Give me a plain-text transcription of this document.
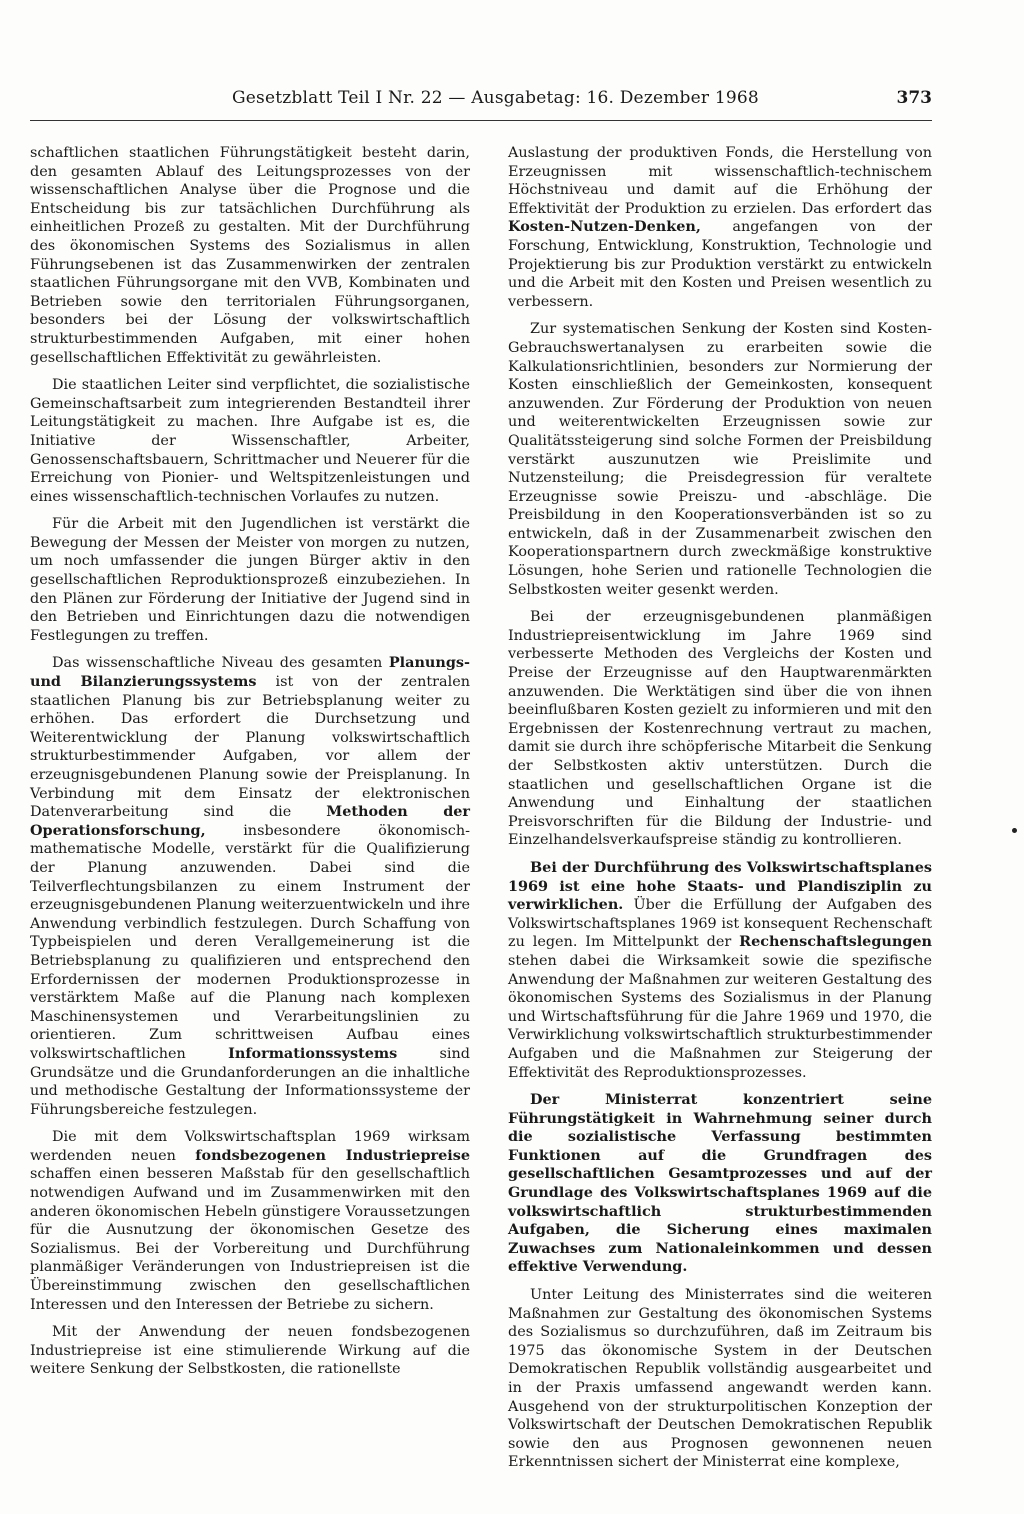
Gesetzblatt Teil I Nr. 22 — Ausgabetag: 16. Dezember 1968	373

schaftlichen staatlichen Führungstätigkeit besteht darin, den gesamten Ablauf des Leitungsprozesses von der wissenschaftlichen Analyse über die Prognose und die Entscheidung bis zur tatsächlichen Durchführung als einheitlichen Prozeß zu gestalten. Mit der Durchführung des ökonomischen Systems des Sozialismus in allen Führungsebenen ist das Zusammenwirken der zentralen staatlichen Führungsorgane mit den VVB, Kombinaten und Betrieben sowie den territorialen Führungsorganen, besonders bei der Lösung der volkswirtschaftlich strukturbestimmenden Aufgaben, mit einer hohen gesellschaftlichen Effektivität zu gewährleisten.

Die staatlichen Leiter sind verpflichtet, die sozialistische Gemeinschaftsarbeit zum integrierenden Bestandteil ihrer Leitungstätigkeit zu machen. Ihre Aufgabe ist es, die Initiative der Wissenschaftler, Arbeiter, Genossenschaftsbauern, Schrittmacher und Neuerer für die Erreichung von Pionier- und Weltspitzenleistungen und eines wissenschaftlich-technischen Vorlaufes zu nutzen.

Für die Arbeit mit den Jugendlichen ist verstärkt die Bewegung der Messen der Meister von morgen zu nutzen, um noch umfassender die jungen Bürger aktiv in den gesellschaftlichen Reproduktionsprozeß einzubeziehen. In den Plänen zur Förderung der Initiative der Jugend sind in den Betrieben und Einrichtungen dazu die notwendigen Festlegungen zu treffen.

Das wissenschaftliche Niveau des gesamten Planungs- und Bilanzierungssystems ist von der zentralen staatlichen Planung bis zur Betriebsplanung weiter zu erhöhen. Das erfordert die Durchsetzung und Weiterentwicklung der Planung volkswirtschaftlich strukturbestimmender Aufgaben, vor allem der erzeugnisgebundenen Planung sowie der Preisplanung. In Verbindung mit dem Einsatz der elektronischen Datenverarbeitung sind die Methoden der Operationsforschung, insbesondere ökonomisch-mathematische Modelle, verstärkt für die Qualifizierung der Planung anzuwenden. Dabei sind die Teilverflechtungsbilanzen zu einem Instrument der erzeugnisgebundenen Planung weiterzuentwickeln und ihre Anwendung verbindlich festzulegen. Durch Schaffung von Typbeispielen und deren Verallgemeinerung ist die Betriebsplanung zu qualifizieren und entsprechend den Erfordernissen der modernen Produktionsprozesse in verstärktem Maße auf die Planung nach komplexen Maschinensystemen und Verarbeitungslinien zu orientieren. Zum schrittweisen Aufbau eines volkswirtschaftlichen Informationssystems sind Grundsätze und die Grundanforderungen an die inhaltliche und methodische Gestaltung der Informationssysteme der Führungsbereiche festzulegen.

Die mit dem Volkswirtschaftsplan 1969 wirksam werdenden neuen fondsbezogenen Industriepreise schaffen einen besseren Maßstab für den gesellschaftlich notwendigen Aufwand und im Zusammenwirken mit den anderen ökonomischen Hebeln günstigere Voraussetzungen für die Ausnutzung der ökonomischen Gesetze des Sozialismus. Bei der Vorbereitung und Durchführung planmäßiger Veränderungen von Industriepreisen ist die Übereinstimmung zwischen den gesellschaftlichen Interessen und den Interessen der Betriebe zu sichern.

Mit der Anwendung der neuen fondsbezogenen Industriepreise ist eine stimulierende Wirkung auf die weitere Senkung der Selbstkosten, die rationellste

Auslastung der produktiven Fonds, die Herstellung von Erzeugnissen mit wissenschaftlich-technischem Höchstniveau und damit auf die Erhöhung der Effektivität der Produktion zu erzielen. Das erfordert das Kosten-Nutzen-Denken, angefangen von der Forschung, Entwicklung, Konstruktion, Technologie und Projektierung bis zur Produktion verstärkt zu entwickeln und die Arbeit mit den Kosten und Preisen wesentlich zu verbessern.

Zur systematischen Senkung der Kosten sind Kosten-Gebrauchswertanalysen zu erarbeiten sowie die Kalkulationsrichtlinien, besonders zur Normierung der Kosten einschließlich der Gemeinkosten, konsequent anzuwenden. Zur Förderung der Produktion von neuen und weiterentwickelten Erzeugnissen sowie zur Qualitätssteigerung sind solche Formen der Preisbildung verstärkt auszunutzen wie Preislimite und Nutzensteilung; die Preisdegression für veraltete Erzeugnisse sowie Preiszu- und -abschläge. Die Preisbildung in den Kooperationsverbänden ist so zu entwickeln, daß in der Zusammenarbeit zwischen den Kooperationspartnern durch zweckmäßige konstruktive Lösungen, hohe Serien und rationelle Technologien die Selbstkosten weiter gesenkt werden.

Bei der erzeugnisgebundenen planmäßigen Industriepreisentwicklung im Jahre 1969 sind verbesserte Methoden des Vergleichs der Kosten und Preise der Erzeugnisse auf den Hauptwarenmärkten anzuwenden. Die Werktätigen sind über die von ihnen beeinflußbaren Kosten gezielt zu informieren und mit den Ergebnissen der Kostenrechnung vertraut zu machen, damit sie durch ihre schöpferische Mitarbeit die Senkung der Selbstkosten aktiv unterstützen. Durch die staatlichen und gesellschaftlichen Organe ist die Anwendung und Einhaltung der staatlichen Preisvorschriften für die Bildung der Industrie- und Einzelhandelsverkaufspreise ständig zu kontrollieren.

Bei der Durchführung des Volkswirtschaftsplanes 1969 ist eine hohe Staats- und Plandisziplin zu verwirklichen. Über die Erfüllung der Aufgaben des Volkswirtschaftsplanes 1969 ist konsequent Rechenschaft zu legen. Im Mittelpunkt der Rechenschaftslegungen stehen dabei die Wirksamkeit sowie die spezifische Anwendung der Maßnahmen zur weiteren Gestaltung des ökonomischen Systems des Sozialismus in der Planung und Wirtschaftsführung für die Jahre 1969 und 1970, die Verwirklichung volkswirtschaftlich strukturbestimmender Aufgaben und die Maßnahmen zur Steigerung der Effektivität des Reproduktionsprozesses.

Der Ministerrat konzentriert seine Führungstätigkeit in Wahrnehmung seiner durch die sozialistische Verfassung bestimmten Funktionen auf die Grundfragen des gesellschaftlichen Gesamtprozesses und auf der Grundlage des Volkswirtschaftsplanes 1969 auf die volkswirtschaftlich strukturbestimmenden Aufgaben, die Sicherung eines maximalen Zuwachses zum Nationaleinkommen und dessen effektive Verwendung.

Unter Leitung des Ministerrates sind die weiteren Maßnahmen zur Gestaltung des ökonomischen Systems des Sozialismus so durchzuführen, daß im Zeitraum bis 1975 das ökonomische System in der Deutschen Demokratischen Republik vollständig ausgearbeitet und in der Praxis umfassend angewandt werden kann. Ausgehend von der strukturpolitischen Konzeption der Volkswirtschaft der Deutschen Demokratischen Republik sowie den aus Prognosen gewonnenen neuen Erkenntnissen sichert der Ministerrat eine komplexe,
